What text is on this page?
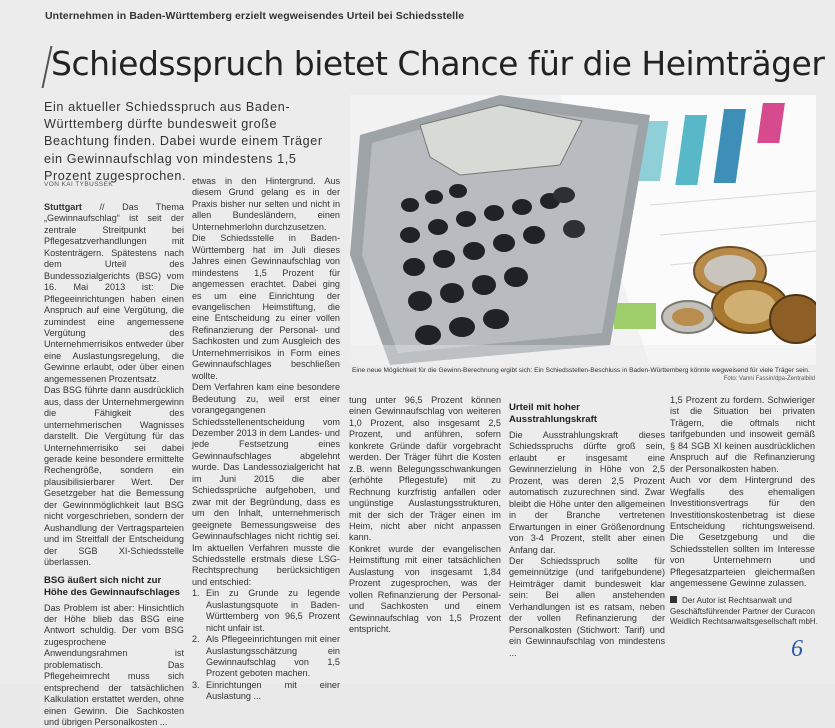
Unternehmen in Baden-Württemberg erzielt wegweisendes Urteil bei Schiedsstelle
Schiedsspruch bietet Chance für die Heimträger
Ein aktueller Schiedsspruch aus Baden-Württemberg dürfte bundesweit große Beachtung finden. Dabei wurde einem Träger ein Gewinnaufschlag von mindestens 1,5 Prozent zugesprochen.
VON KAI TYBUSSEK

Stuttgart // Das Thema „Gewinnaufschlag“ ist seit der zentrale Streitpunkt bei Pflegesatzverhandlungen mit Kostenträgern. Spätestens nach dem Urteil des Bundessozialgerichts (BSG) vom 16. Mai 2013 ist: Die Pflegeeinrichtungen haben einen Anspruch auf eine Vergütung, die zumindest eine angemessene Vergütung des Unternehmerrisikos entweder über eine Auslastungsregelung, die Gewinne erlaubt, oder über einen angemessenen Prozentsatz.
Das BSG führte dann ausdrücklich aus, dass der Unternehmergewinn die Fähigkeit des unternehmerischen Wagnisses darstellt. Die Vergütung für das Unternehmerrisiko sei dabei gerade keine besondere ermittelte Rechengröße, sondern ein plausibilisierbarer Wert. Der Gesetzgeber hat die Bemessung der Gewinnmöglichkeit laut BSG nicht vorgeschrieben, sondern der Aushandlung der Vertragsparteien und im Streitfall der Entscheidung der SGB XI-Schiedsstelle überlassen.

BSG äußert sich nicht zur Höhe des Gewinnaufschlages

Das Problem ist aber: Hinsichtlich der Höhe blieb das BSG eine Antwort schuldig. Der vom BSG zugesprochene Anwendungsrahmen ist problematisch. Das Pflegeheimrecht muss sich entsprechend der tatsächlichen Kalkulation erstattet werden, ohne einen Gewinn. Die Sachkosten und übrigen Personalkosten ...

etwas in den Hintergrund. Aus diesem Grund gelang es in der Praxis bisher nur selten und nicht in allen Bundesländern, einen Unternehmerlohn durchzusetzen.
Die Schiedsstelle in Baden-Württemberg hat im Juli dieses Jahres einen Gewinnaufschlag von mindestens 1,5 Prozent für angemessen erachtet. Dabei ging es um eine Einrichtung der evangelischen Heimstiftung, die eine Entscheidung zu einer vollen Refinanzierung der Personal- und Sachkosten und zum Ausgleich des Unternehmerrisikos in Form eines Gewinnaufschlages beschließen wollte.
Dem Verfahren kam eine besondere Bedeutung zu, weil erst einer vorangegangenen Schiedsstellenentscheidung vom Dezember 2013 in dem Landes- und jede Festsetzung eines Gewinnaufschlages abgelehnt wurde. Das Landessozialgericht hat im Juni 2015 die aber Schiedssprüche aufgehoben, und zwar mit der Begründung, dass es um den Inhalt, unternehmerisch geeignete Bemessungsweise des Gewinnaufschlages nicht richtig sei. Im aktuellen Verfahren musste die Schiedsstelle erstmals diese LSG-Rechtsprechung berücksichtigen und entschied:

1. Ein zu Grunde zu legende Auslastungsquote in Baden-Württemberg von 96,5 Prozent nicht unfair ist.
2. Als Pflegeeinrichtungen mit einer Auslastungsschätzung ein Gewinnaufschlag von 1,5 Prozent geboten machen.
3. Einrichtungen mit einer Auslastung ...
Eine neue Möglichkeit für die Gewinn-Berechnung ergibt sich: Ein Schiedsstellen-Beschluss in Baden-Württemberg könnte wegweisend für viele Träger sein.
Foto: Vanni Fassin/dpa-Zentralbild

tung unter 96,5 Prozent können einen Gewinnaufschlag von weiteren 1,0 Prozent, also insgesamt 2,5 Prozent, und anführen, sofern konkrete Gründe dafür vorgebracht werden. Der Träger führt die Kosten z.B. wenn Belegungsschwankungen (erhöhte Pflegestufe) mit zu Rechnung kurzfristig anfallen oder ungünstige Auslastungsstrukturen, mit der sich der Träger einen im Heim, nicht aber nicht anpassen kann.
Konkret wurde der evangelischen Heimstiftung mit einer tatsächlichen Auslastung von insgesamt 1,84 Prozent zugesprochen, was der vollen Refinanzierung der Personal- und Sachkosten und einem Gewinnaufschlag von 1,5 Prozent entspricht.

Urteil mit hoher Ausstrahlungskraft

Die Ausstrahlungskraft dieses Schiedsspruchs dürfte groß sein, erlaubt er insgesamt eine Gewinnerzielung in Höhe von 2,5 Prozent, was deren 2,5 Prozent automatisch zuzurechnen sind. Zwar bleibt die Höhe unter den allgemeinen in der Branche vertretenen Erwartungen in einer Größenordnung von 3-4 Prozent, stellt aber einen Anfang dar.
Der Schiedsspruch sollte für gemeinnützige (und tarifgebundene) Heimträger damit bundesweit klar sein: Bei allen anstehenden Verhandlungen ist es ratsam, neben der vollen Refinanzierung der Personalkosten (Stichwort: Tarif) und ein Gewinnaufschlag von mindestens ...

1,5 Prozent zu fordern. Schwieriger ist die Situation bei privaten Trägern, die oftmals nicht tarifgebunden und insoweit gemäß § 84 SGB XI keinen ausdrücklichen Anspruch auf die Refinanzierung der Personalkosten haben.
Auch vor dem Hintergrund des Wegfalls des ehemaligen Investitionsvertrags für den Investitionskostenbetrag ist diese Entscheidung richtungsweisend. Die Gesetzgebung und die Schiedsstellen sollten im Interesse von Unternehmern und Pflegesatzparteien gleichermaßen angemessene Gewinne zulassen.

Der Autor ist Rechtsanwalt und Geschäftsführender Partner der Curacon Weidlich Rechtsanwaltsgesellschaft mbH.
6
